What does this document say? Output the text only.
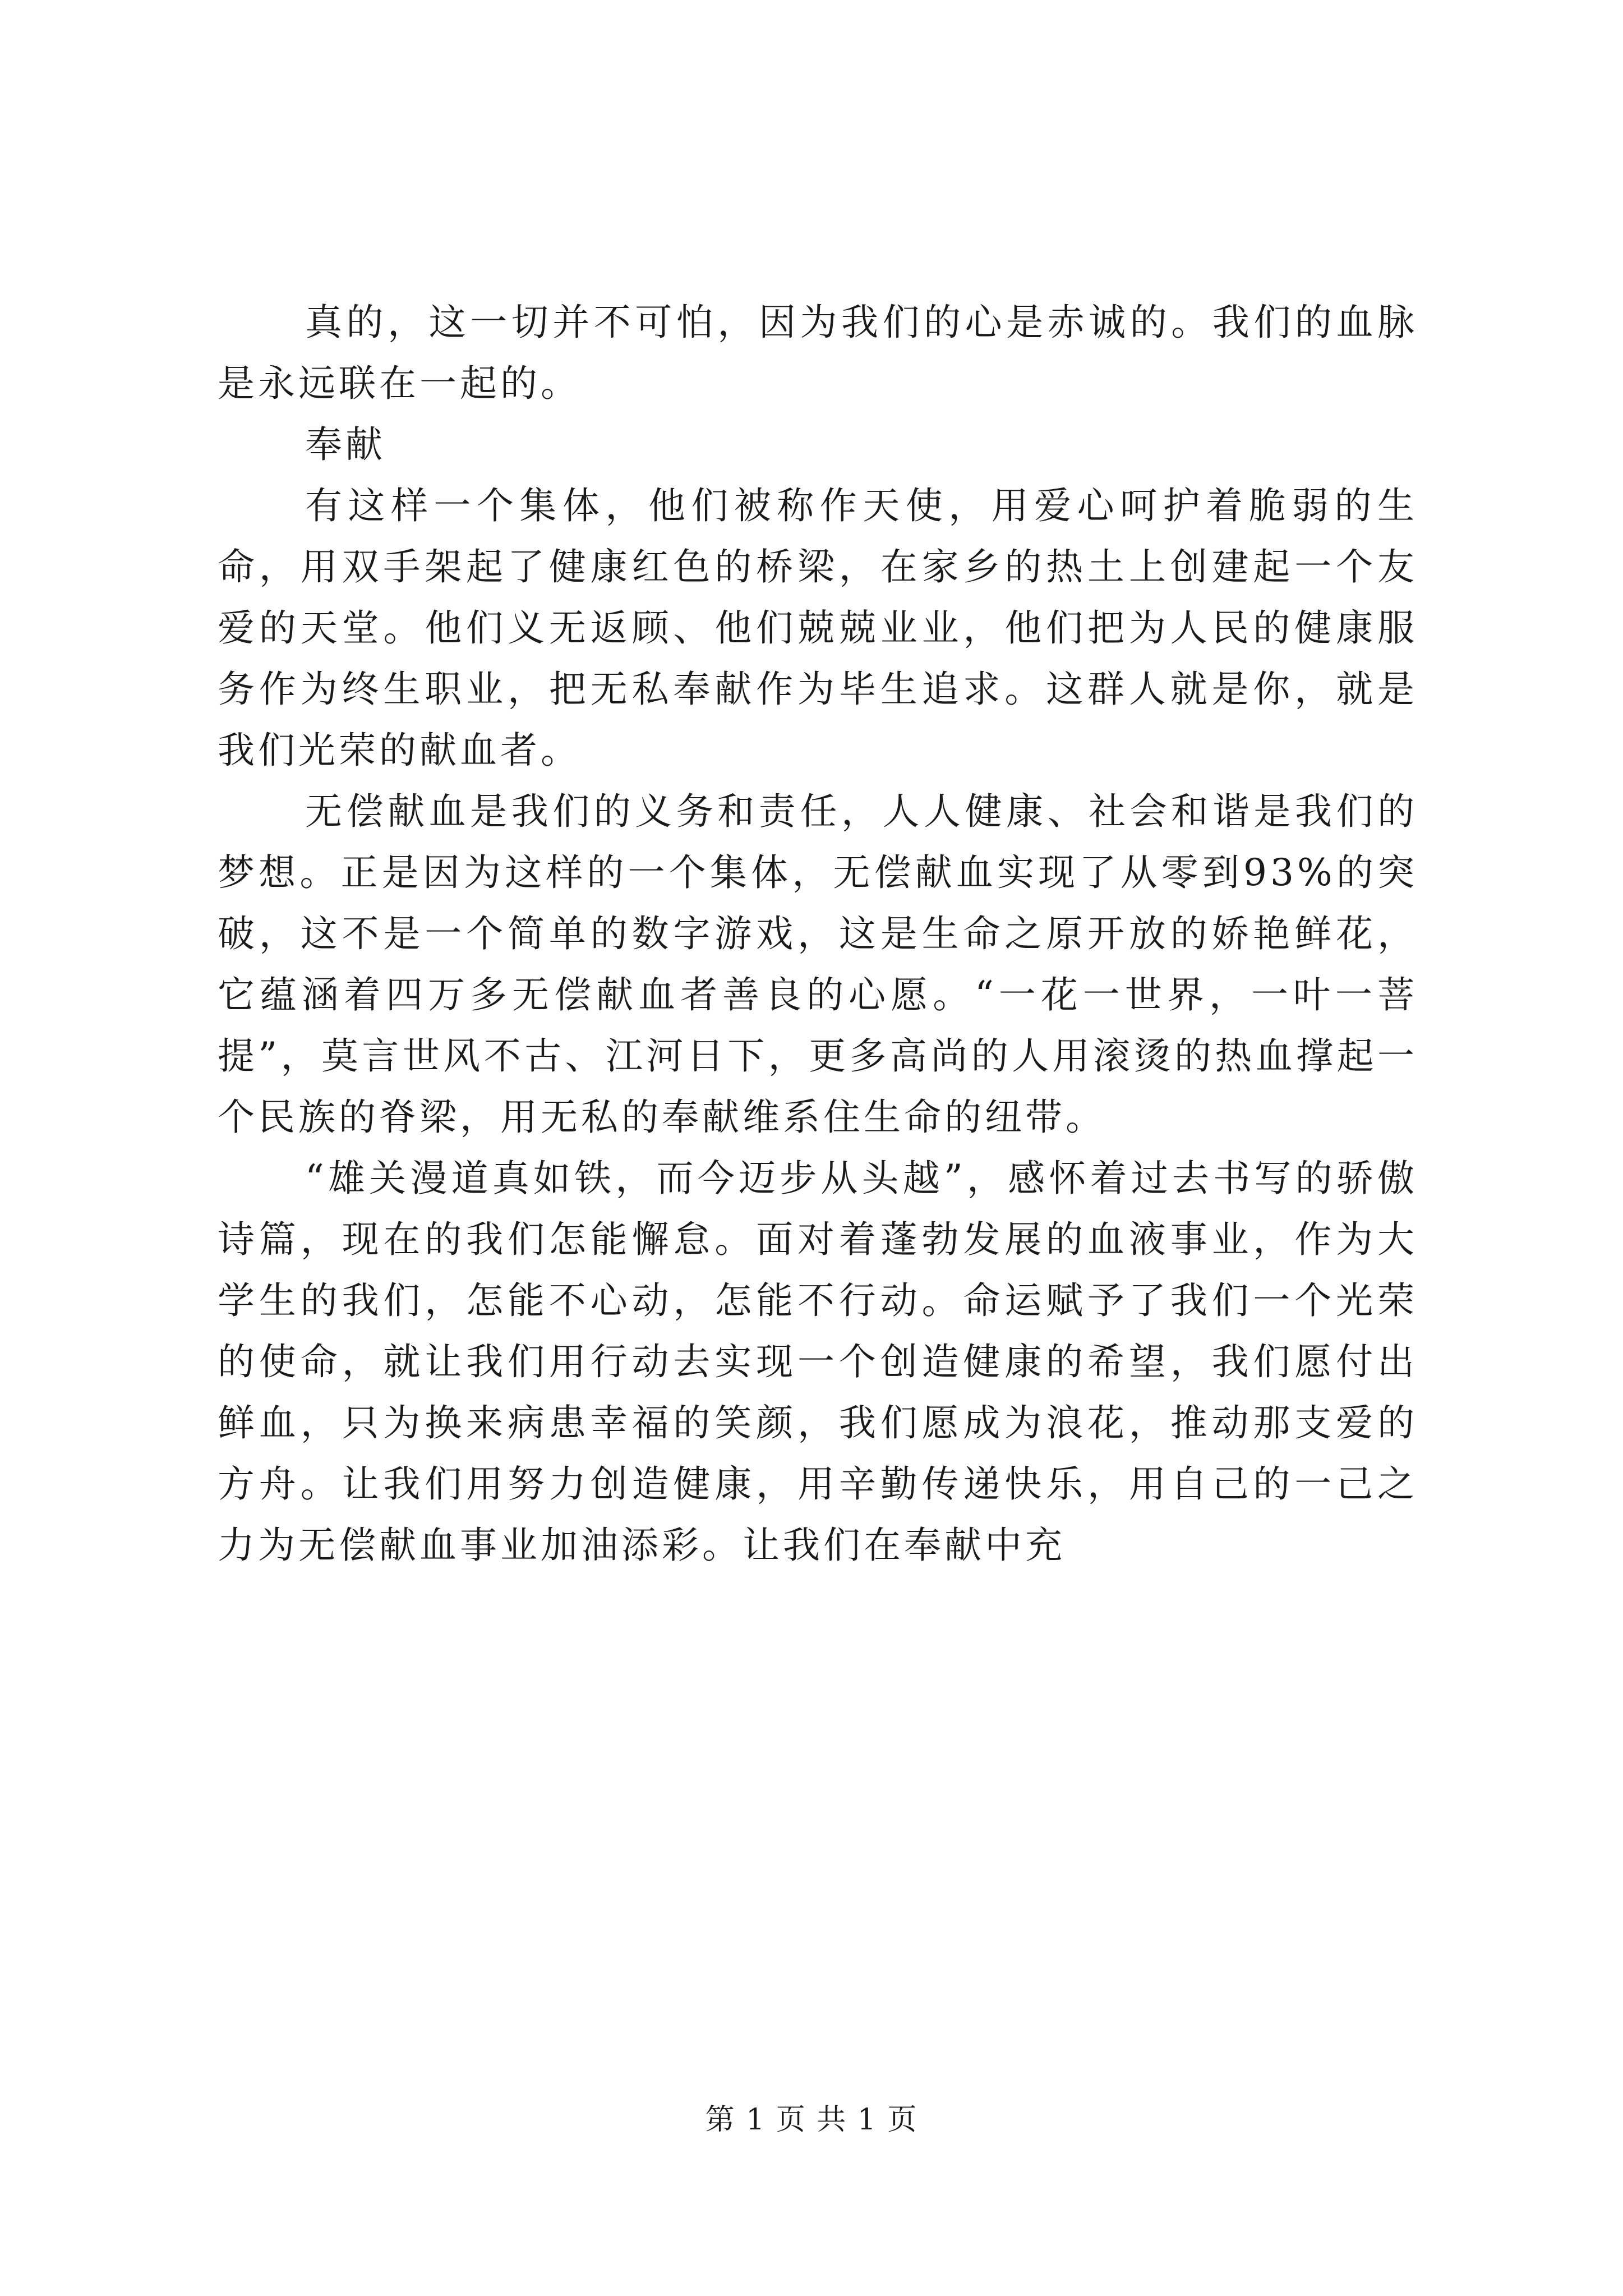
真的，这一切并不可怕，因为我们的心是赤诚的。我们的血脉是永远联在一起的。

奉献

有这样一个集体，他们被称作天使，用爱心呵护着脆弱的生命，用双手架起了健康红色的桥梁，在家乡的热土上创建起一个友爱的天堂。他们义无返顾、他们兢兢业业，他们把为人民的健康服务作为终生职业，把无私奉献作为毕生追求。这群人就是你，就是我们光荣的献血者。

无偿献血是我们的义务和责任，人人健康、社会和谐是我们的梦想。正是因为这样的一个集体，无偿献血实现了从零到93%的突破，这不是一个简单的数字游戏，这是生命之原开放的娇艳鲜花，它蕴涵着四万多无偿献血者善良的心愿。“一花一世界，一叶一菩提”，莫言世风不古、江河日下，更多高尚的人用滚烫的热血撑起一个民族的脊梁，用无私的奉献维系住生命的纽带。

“雄关漫道真如铁，而今迈步从头越”，感怀着过去书写的骄傲诗篇，现在的我们怎能懈怠。面对着蓬勃发展的血液事业，作为大学生的我们，怎能不心动，怎能不行动。命运赋予了我们一个光荣的使命，就让我们用行动去实现一个创造健康的希望，我们愿付出鲜血，只为换来病患幸福的笑颜，我们愿成为浪花，推动那支爱的方舟。让我们用努力创造健康，用辛勤传递快乐，用自己的一己之力为无偿献血事业加油添彩。让我们在奉献中充

第 1 页 共 1 页
